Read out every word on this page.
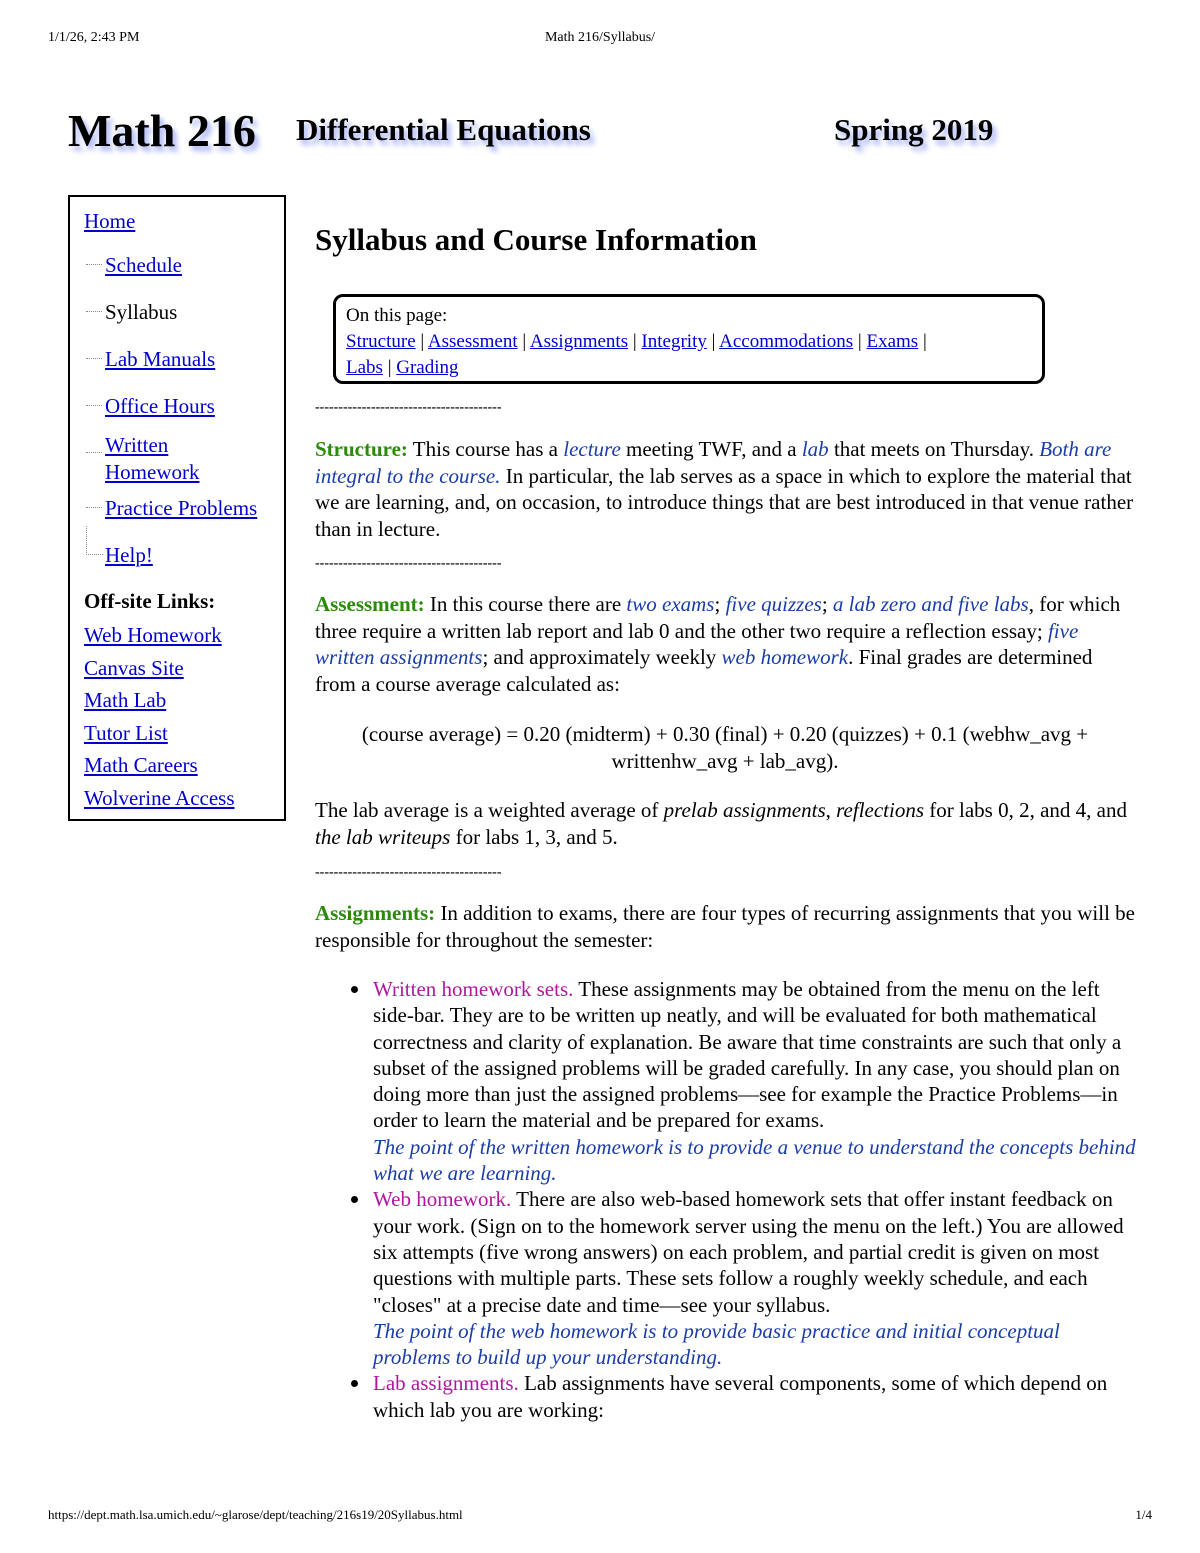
1/1/26, 2:43 PM	Math 216/Syllabus/
Math 216 Differential Equations	Spring 2019
Home
Schedule
Syllabus
Lab Manuals
Office Hours
Written Homework
Practice Problems
Help!
Off-site Links:
Web Homework
Canvas Site
Math Lab
Tutor List
Math Careers
Wolverine Access
Syllabus and Course Information
On this page:
Structure | Assessment | Assignments | Integrity | Accommodations | Exams |
Labs | Grading
----------------------------------------

Structure: This course has a lecture meeting TWF, and a lab that meets on Thursday. Both are integral to the course. In particular, the lab serves as a space in which to explore the material that we are learning, and, on occasion, to introduce things that are best introduced in that venue rather than in lecture.

----------------------------------------

Assessment: In this course there are two exams; five quizzes; a lab zero and five labs, for which three require a written lab report and lab 0 and the other two require a reflection essay; five written assignments; and approximately weekly web homework. Final grades are determined from a course average calculated as:

(course average) = 0.20 (midterm) + 0.30 (final) + 0.20 (quizzes) + 0.1 (webhw_avg + writtenhw_avg + lab_avg).

The lab average is a weighted average of prelab assignments, reflections for labs 0, 2, and 4, and the lab writeups for labs 1, 3, and 5.

----------------------------------------

Assignments: In addition to exams, there are four types of recurring assignments that you will be responsible for throughout the semester:

Written homework sets. These assignments may be obtained from the menu on the left side-bar. They are to be written up neatly, and will be evaluated for both mathematical correctness and clarity of explanation. Be aware that time constraints are such that only a subset of the assigned problems will be graded carefully. In any case, you should plan on doing more than just the assigned problems—see for example the Practice Problems—in order to learn the material and be prepared for exams.
The point of the written homework is to provide a venue to understand the concepts behind what we are learning.
Web homework. There are also web-based homework sets that offer instant feedback on your work. (Sign on to the homework server using the menu on the left.) You are allowed six attempts (five wrong answers) on each problem, and partial credit is given on most questions with multiple parts. These sets follow a roughly weekly schedule, and each "closes" at a precise date and time—see your syllabus.
The point of the web homework is to provide basic practice and initial conceptual problems to build up your understanding.
Lab assignments. Lab assignments have several components, some of which depend on which lab you are working:
https://dept.math.lsa.umich.edu/~glarose/dept/teaching/216s19/20Syllabus.html	1/4
